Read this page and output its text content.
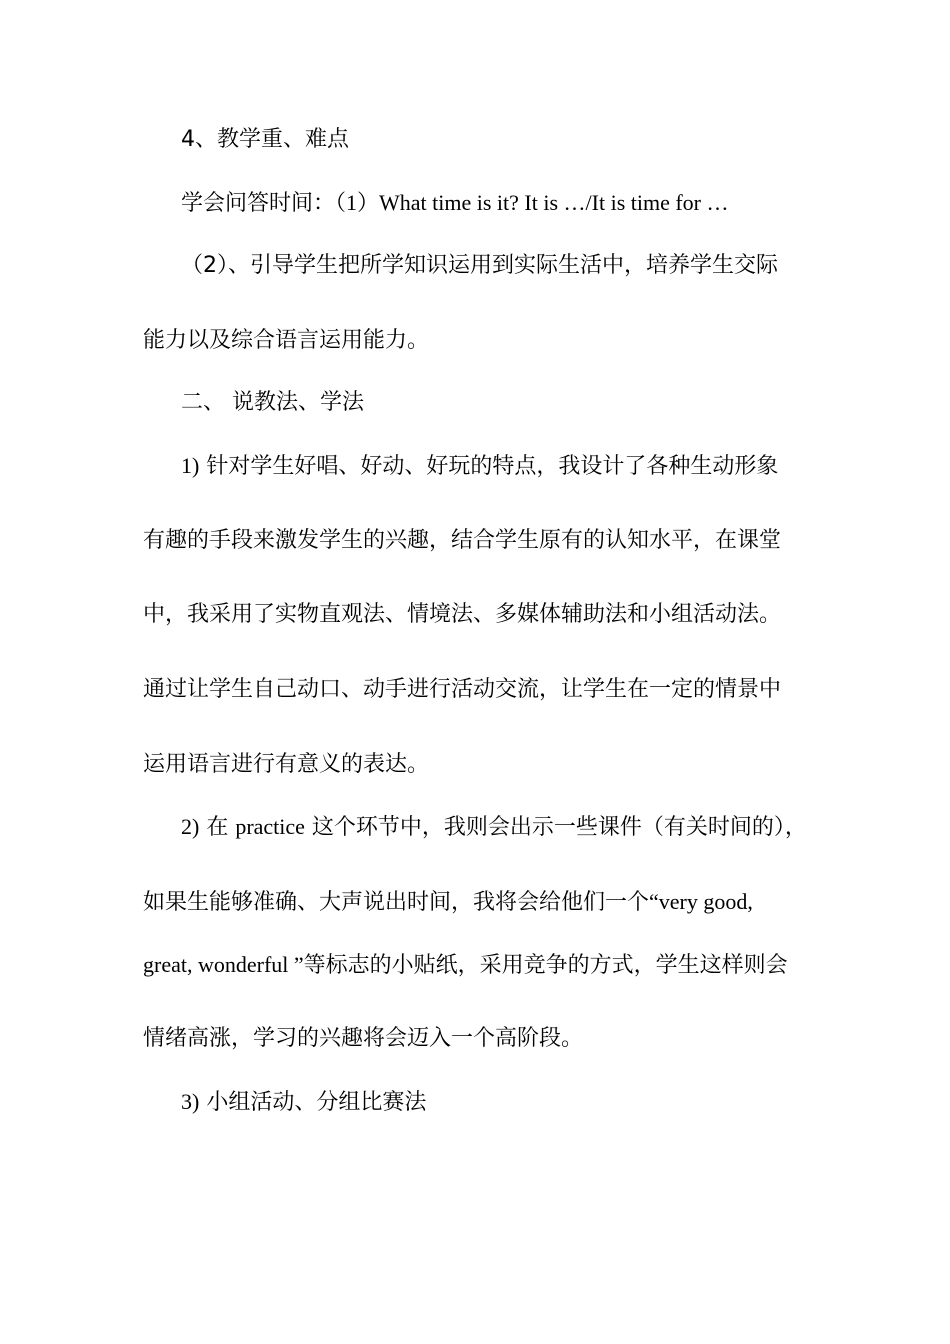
4、教学重、难点
学会问答时间：（1）What time is it? It is …/It is time for …
（2）、引导学生把所学知识运用到实际生活中，培养学生交际
能力以及综合语言运用能力。
二、 说教法、学法
1) 针对学生好唱、好动、好玩的特点，我设计了各种生动形象
有趣的手段来激发学生的兴趣，结合学生原有的认知水平，在课堂
中，我采用了实物直观法、情境法、多媒体辅助法和小组活动法。
通过让学生自己动口、动手进行活动交流，让学生在一定的情景中
运用语言进行有意义的表达。
2) 在 practice 这个环节中，我则会出示一些课件（有关时间的），
如果生能够准确、大声说出时间，我将会给他们一个“very good,
great, wonderful ”等标志的小贴纸，采用竞争的方式，学生这样则会
情绪高涨，学习的兴趣将会迈入一个高阶段。
3) 小组活动、分组比赛法
